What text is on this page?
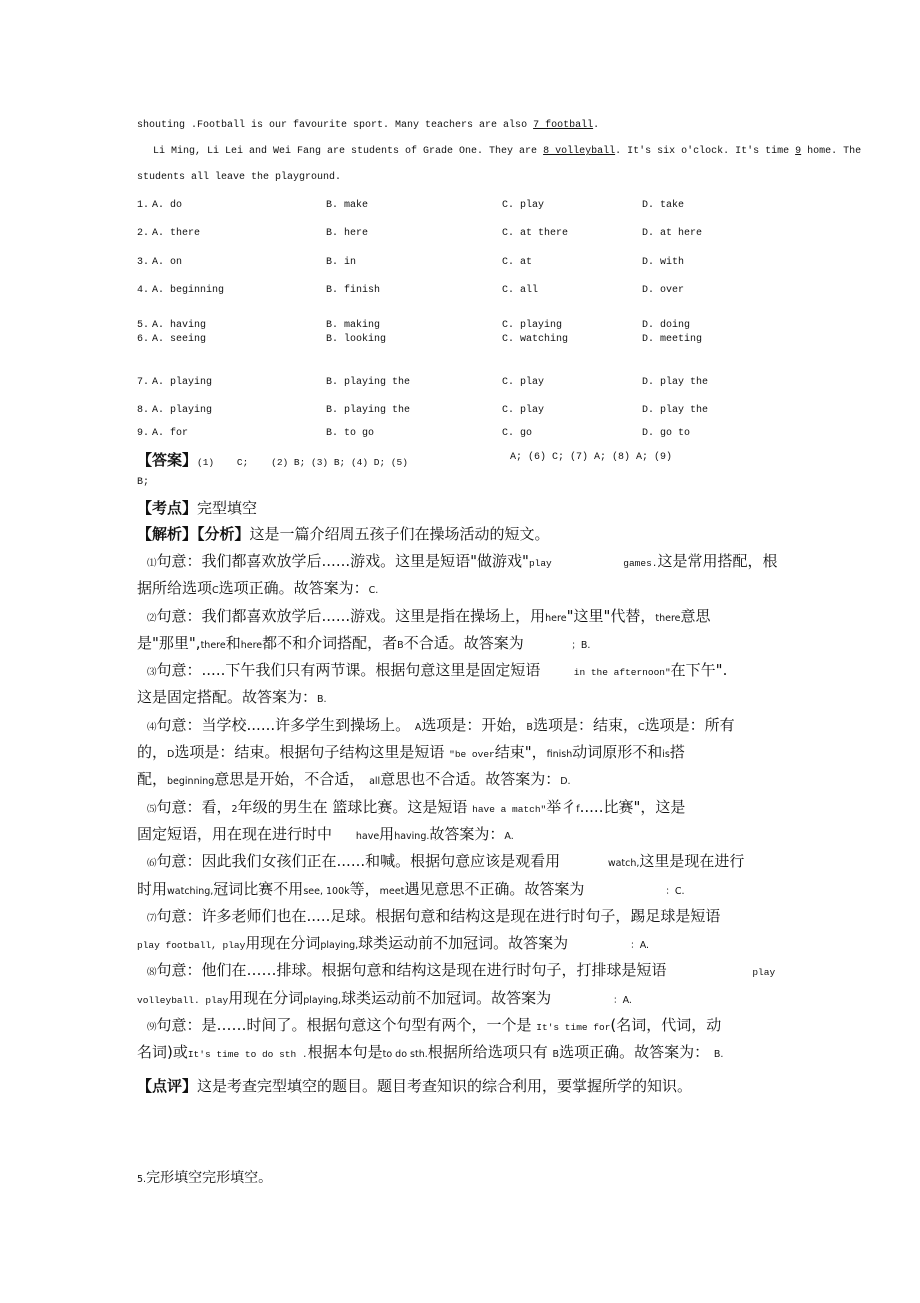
shouting .Football is our favourite sport. Many teachers are also 7 football.
Li Ming, Li Lei and Wei Fang are students of Grade One. They are 8 volleyball. It's six o'clock. It's time 9 home. The
students all leave the playground.
1. A. do	B. make	C. play	D. take
2. A. there	B. here	C. at there	D. at here
3. A. on	B. in	C. at	D. with
4. A. beginning	B. finish	C. all	D. over
5. A. having	B. making	C. playing	D. doing
6. A. seeing	B. looking	C. watching	D. meeting
7. A. playing	B. playing the	C. play	D. play the
8. A. playing	B. playing the	C. play	D. play the
9. A. for	B. to go	C. go	D. go to
【答案】(1)    C;    (2) B; (3) B; (4) D; (5)	A; (6) C; (7) A; (8) A; (9)
B;
【考点】完型填空
【解析】【分析】这是一篇介绍周五孩子们在操场活动的短文。
⑴句意：我们都喜欢放学后......游戏。这里是短语"做游戏"play	games.这是常用搭配，根
据所给选项C选项正确。故答案为：C.
⑵句意：我们都喜欢放学后......游戏。这里是指在操场上，用here"这里"代替，there意思
是"那里",there和here都不和介词搭配，者B不合适。故答案为	；B.
⑶句意：.....下午我们只有两节课。根据句意这里是固定短语	in the afternoon"在下午".
这是固定搭配。故答案为：B.
⑷句意：当学校......许多学生到操场上。 A选项是：开始，B选项是：结束，C选项是：所有
的，D选项是：结束。根据句子结构这里是短语 "be over结束"，finish动词原形不和is搭
配，beginning意思是开始，不合适， all意思也不合适。故答案为：D.
⑸句意：看，2年级的男生在 篮球比赛。这是短语 have a match"举彳f.....比赛"，这是
固定短语，用在现在进行时中	have用having.故答案为：A.
⑹句意：因此我们女孩们正在......和喊。根据句意应该是观看用	watch,这里是现在进行
时用watching,冠词比赛不用see, 100k等，meet遇见意思不正确。故答案为	：C.
⑺句意：许多老师们也在.....足球。根据句意和结构这是现在进行时句子，踢足球是短语
play football, play用现在分词playing,球类运动前不加冠词。故答案为	：A.
⑻句意：他们在……排球。根据句意和结构这是现在进行时句子，打排球是短语	play
volleyball. play用现在分词playing,球类运动前不加冠词。故答案为	：A.
⑼句意：是……时间了。根据句意这个句型有两个，一个是 It's time for(名词，代词，动
名词)或It's time to do sth .根据本句是to do sth.根据所给选项只有 B选项正确。故答案为： B.
【点评】这是考查完型填空的题目。题目考查知识的综合利用，要掌握所学的知识。
5.完形填空完形填空。
